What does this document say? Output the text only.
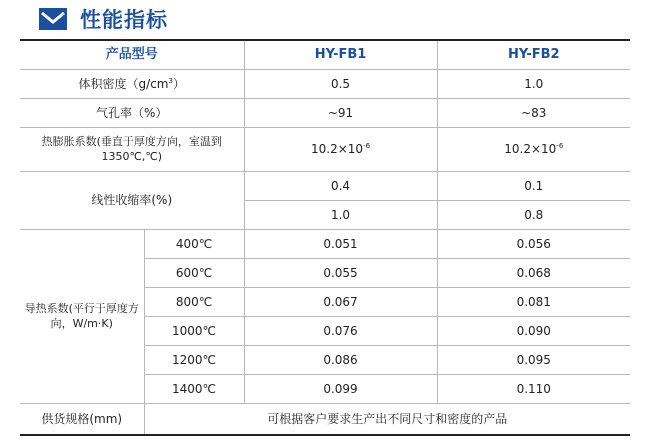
性能指标
产品型号		HY-FB1	HY-FB2
体积密度$(g/cm^3)$		0.5	1.0
气孔率（%）		~91	~83
热膨胀系数(垂直于厚度方向，室温到1350℃,℃)		$10.2\times 10^{-6}$	$10.2\times 10^{-6}$
线性收缩率(%)		0.4	0.1
		1.0	0.8
导热系数(平行于厚度方向，W/m·K)	400℃	0.051	0.056
	600℃	0.055	0.068
	800℃	0.067	0.081
	1000℃	0.076	0.090
	1200℃	0.086	0.095
	1400℃	0.099	0.110
供货规格(mm)	可根据客户要求生产出不同尺寸和密度的产品		
